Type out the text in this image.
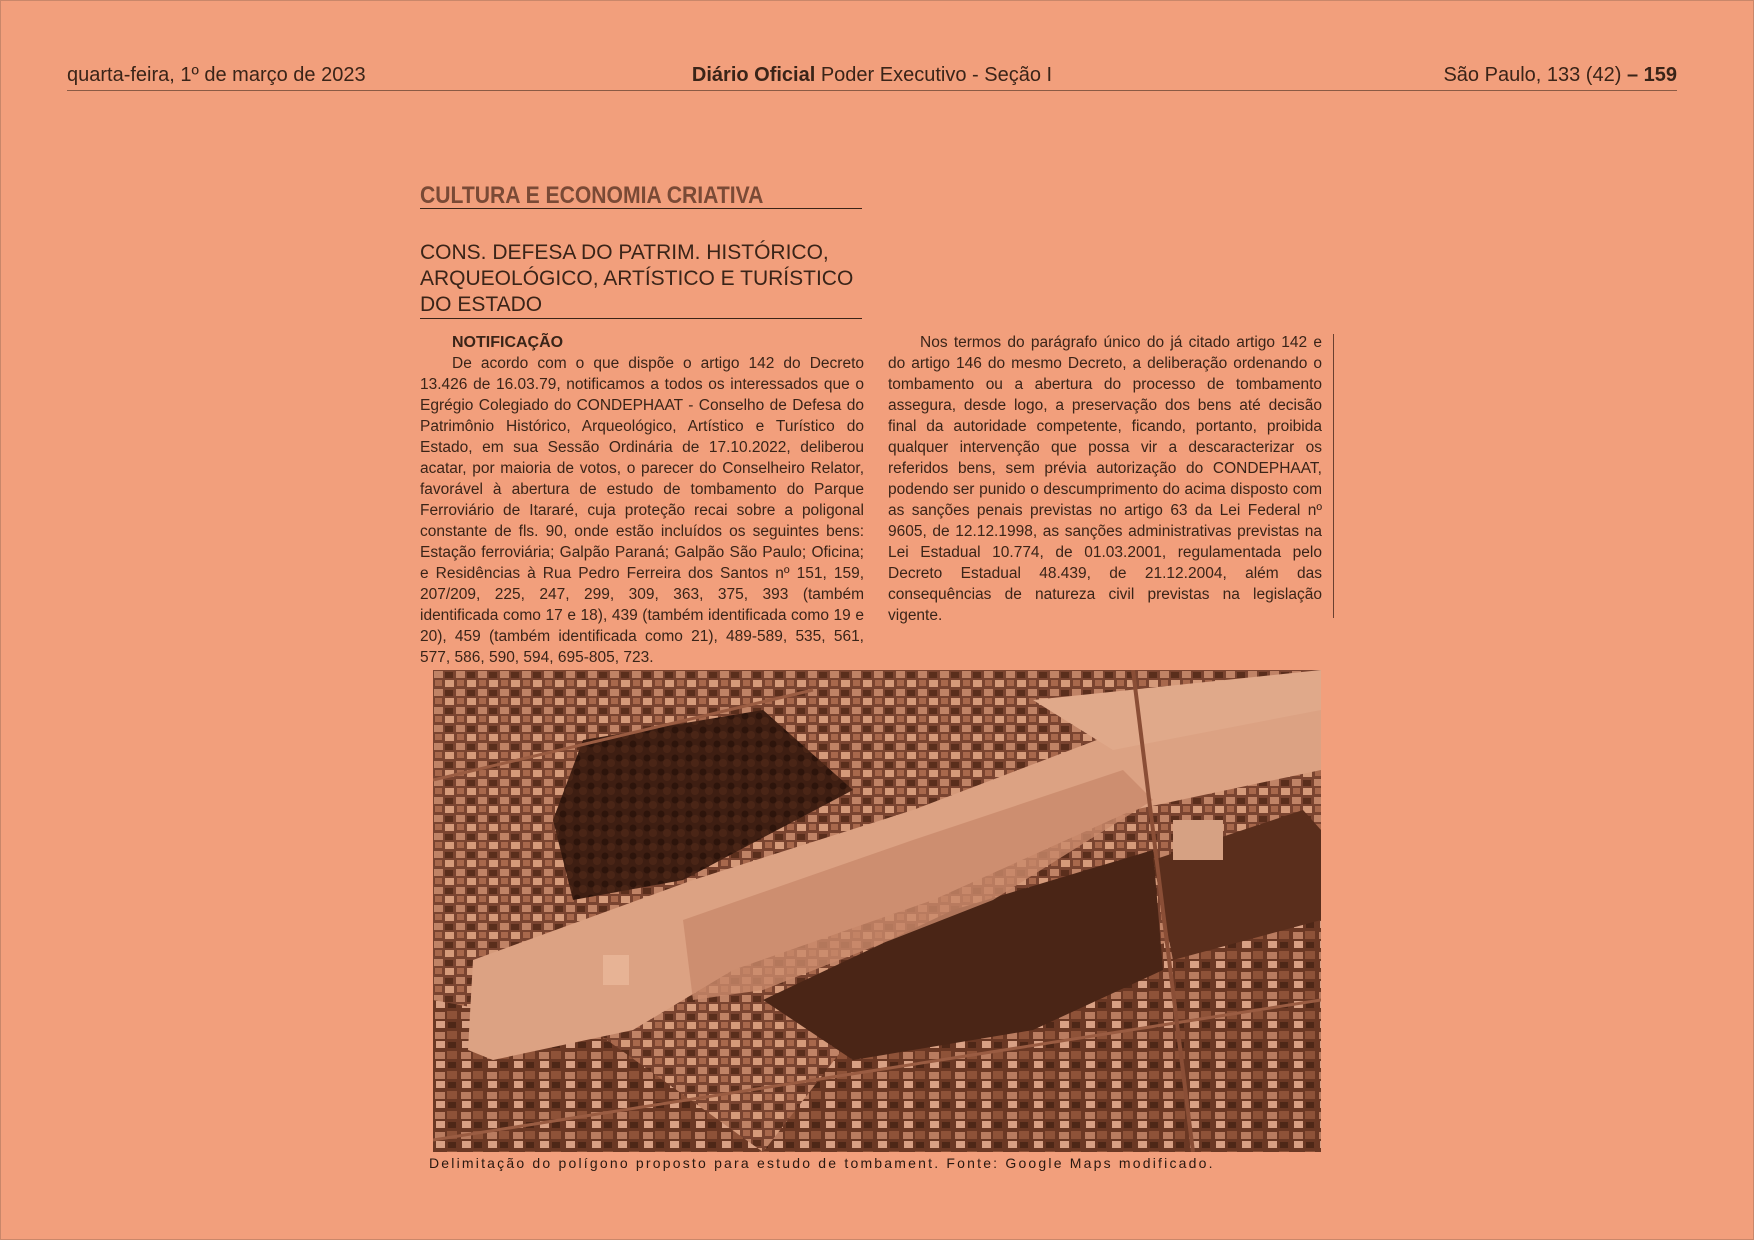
quarta-feira, 1º de março de 2023	Diário Oficial Poder Executivo - Seção I	São Paulo, 133 (42) – 159
CULTURA E ECONOMIA CRIATIVA
CONS. DEFESA DO PATRIM. HISTÓRICO, ARQUEOLÓGICO, ARTÍSTICO E TURÍSTICO DO ESTADO
NOTIFICAÇÃO

De acordo com o que dispõe o artigo 142 do Decreto 13.426 de 16.03.79, notificamos a todos os interessados que o Egrégio Colegiado do CONDEPHAAT - Conselho de Defesa do Patrimônio Histórico, Arqueológico, Artístico e Turístico do Estado, em sua Sessão Ordinária de 17.10.2022, deliberou acatar, por maioria de votos, o parecer do Conselheiro Relator, favorável à abertura de estudo de tombamento do Parque Ferroviário de Itararé, cuja proteção recai sobre a poligonal constante de fls. 90, onde estão incluídos os seguintes bens: Estação ferroviária; Galpão Paraná; Galpão São Paulo; Oficina; e Residências à Rua Pedro Ferreira dos Santos nº 151, 159, 207/209, 225, 247, 299, 309, 363, 375, 393 (também identificada como 17 e 18), 439 (também identificada como 19 e 20), 459 (também identificada como 21), 489-589, 535, 561, 577, 586, 590, 594, 695-805, 723.

Nos termos do parágrafo único do já citado artigo 142 e do artigo 146 do mesmo Decreto, a deliberação ordenando o tombamento ou a abertura do processo de tombamento assegura, desde logo, a preservação dos bens até decisão final da autoridade competente, ficando, portanto, proibida qualquer intervenção que possa vir a descaracterizar os referidos bens, sem prévia autorização do CONDEPHAAT, podendo ser punido o descumprimento do acima disposto com as sanções penais previstas no artigo 63 da Lei Federal nº 9605, de 12.12.1998, as sanções administrativas previstas na Lei Estadual 10.774, de 01.03.2001, regulamentada pelo Decreto Estadual 48.439, de 21.12.2004, além das consequências de natureza civil previstas na legislação vigente.

Delimitação do polígono proposto para estudo de tombament. Fonte: Google Maps modificado.
